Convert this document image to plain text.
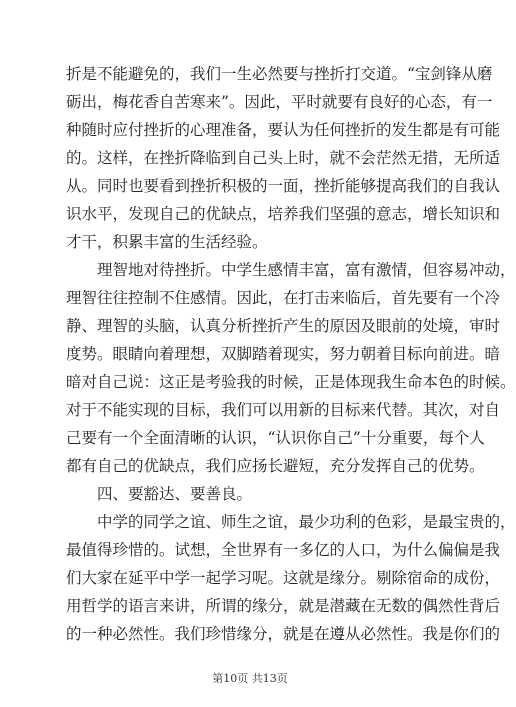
折是不能避免的，我们一生必然要与挫折打交道。“宝剑锋从磨
砺出，梅花香自苦寒来”。因此，平时就要有良好的心态，有一
种随时应付挫折的心理准备，要认为任何挫折的发生都是有可能
的。这样，在挫折降临到自己头上时，就不会茫然无措，无所适
从。同时也要看到挫折积极的一面，挫折能够提高我们的自我认
识水平，发现自己的优缺点，培养我们坚强的意志，增长知识和
才干，积累丰富的生活经验。
　　理智地对待挫折。中学生感情丰富，富有激情，但容易冲动，
理智往往控制不住感情。因此，在打击来临后，首先要有一个冷
静、理智的头脑，认真分析挫折产生的原因及眼前的处境，审时
度势。眼睛向着理想，双脚踏着现实，努力朝着目标向前进。暗
暗对自己说：这正是考验我的时候，正是体现我生命本色的时候。
对于不能实现的目标，我们可以用新的目标来代替。其次，对自
己要有一个全面清晰的认识，“认识你自己”十分重要，每个人
都有自己的优缺点，我们应扬长避短，充分发挥自己的优势。
　　四、要豁达、要善良。
　　中学的同学之谊、师生之谊，最少功利的色彩，是最宝贵的，
最值得珍惜的。试想，全世界有一多亿的人口，为什么偏偏是我
们大家在延平中学一起学习呢。这就是缘分。剔除宿命的成份，
用哲学的语言来讲，所谓的缘分，就是潜藏在无数的偶然性背后
的一种必然性。我们珍惜缘分，就是在遵从必然性。我是你们的
第10页 共13页
